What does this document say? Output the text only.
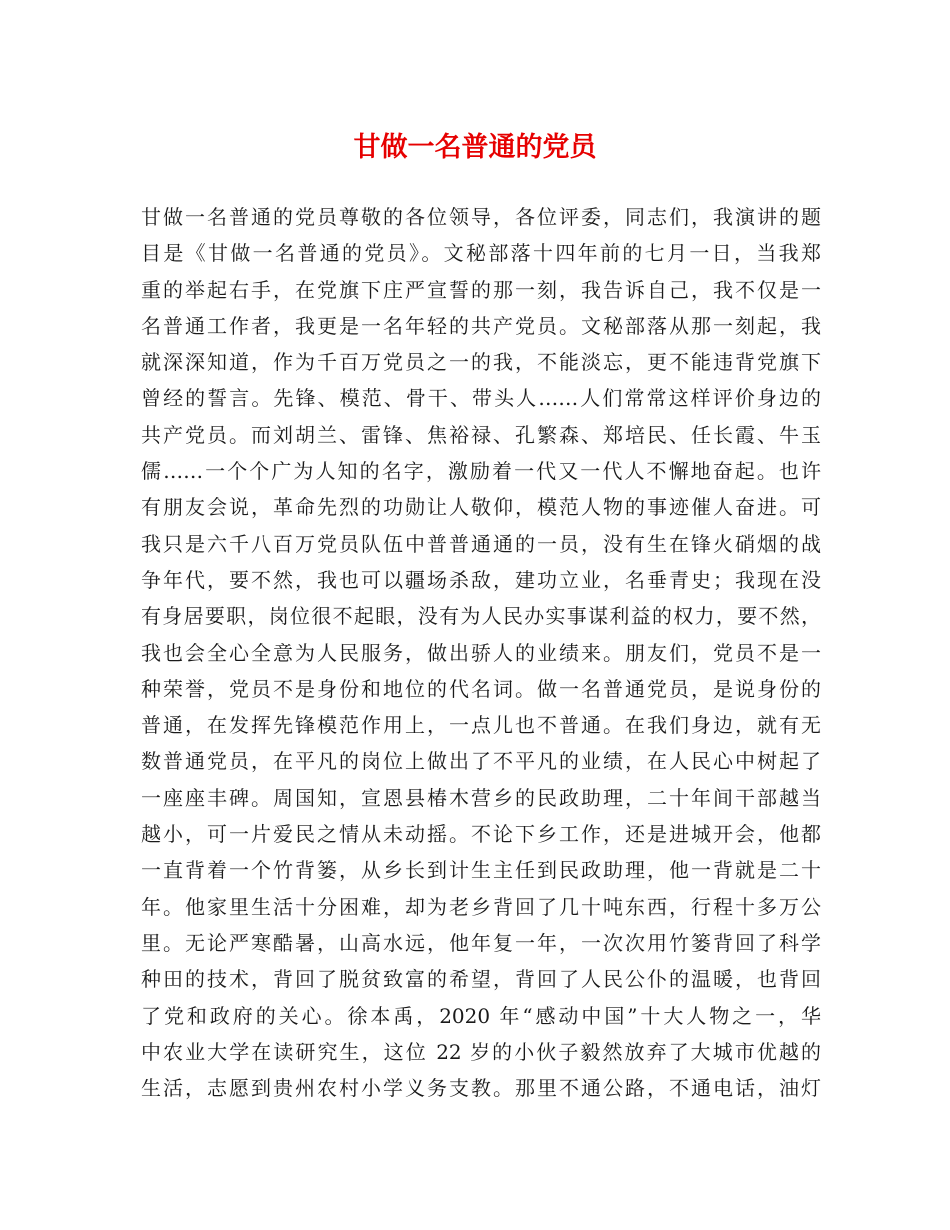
甘做一名普通的党员
甘做一名普通的党员尊敬的各位领导，各位评委，同志们，我演讲的题
目是《甘做一名普通的党员》。文秘部落十四年前的七月一日，当我郑
重的举起右手，在党旗下庄严宣誓的那一刻，我告诉自己，我不仅是一
名普通工作者，我更是一名年轻的共产党员。文秘部落从那一刻起，我
就深深知道，作为千百万党员之一的我，不能淡忘，更不能违背党旗下
曾经的誓言。先锋、模范、骨干、带头人……人们常常这样评价身边的
共产党员。而刘胡兰、雷锋、焦裕禄、孔繁森、郑培民、任长霞、牛玉
儒……一个个广为人知的名字，激励着一代又一代人不懈地奋起。也许
有朋友会说，革命先烈的功勋让人敬仰，模范人物的事迹催人奋进。可
我只是六千八百万党员队伍中普普通通的一员，没有生在锋火硝烟的战
争年代，要不然，我也可以疆场杀敌，建功立业，名垂青史；我现在没
有身居要职，岗位很不起眼，没有为人民办实事谋利益的权力，要不然，
我也会全心全意为人民服务，做出骄人的业绩来。朋友们，党员不是一
种荣誉，党员不是身份和地位的代名词。做一名普通党员，是说身份的
普通，在发挥先锋模范作用上，一点儿也不普通。在我们身边，就有无
数普通党员，在平凡的岗位上做出了不平凡的业绩，在人民心中树起了
一座座丰碑。周国知，宣恩县椿木营乡的民政助理，二十年间干部越当
越小，可一片爱民之情从未动摇。不论下乡工作，还是进城开会，他都
一直背着一个竹背篓，从乡长到计生主任到民政助理，他一背就是二十
年。他家里生活十分困难，却为老乡背回了几十吨东西，行程十多万公
里。无论严寒酷暑，山高水远，他年复一年，一次次用竹篓背回了科学
种田的技术，背回了脱贫致富的希望，背回了人民公仆的温暖，也背回
了党和政府的关心。徐本禹，2020 年“感动中国”十大人物之一，华
中农业大学在读研究生，这位 22 岁的小伙子毅然放弃了大城市优越的
生活，志愿到贵州农村小学义务支教。那里不通公路，不通电话，油灯
